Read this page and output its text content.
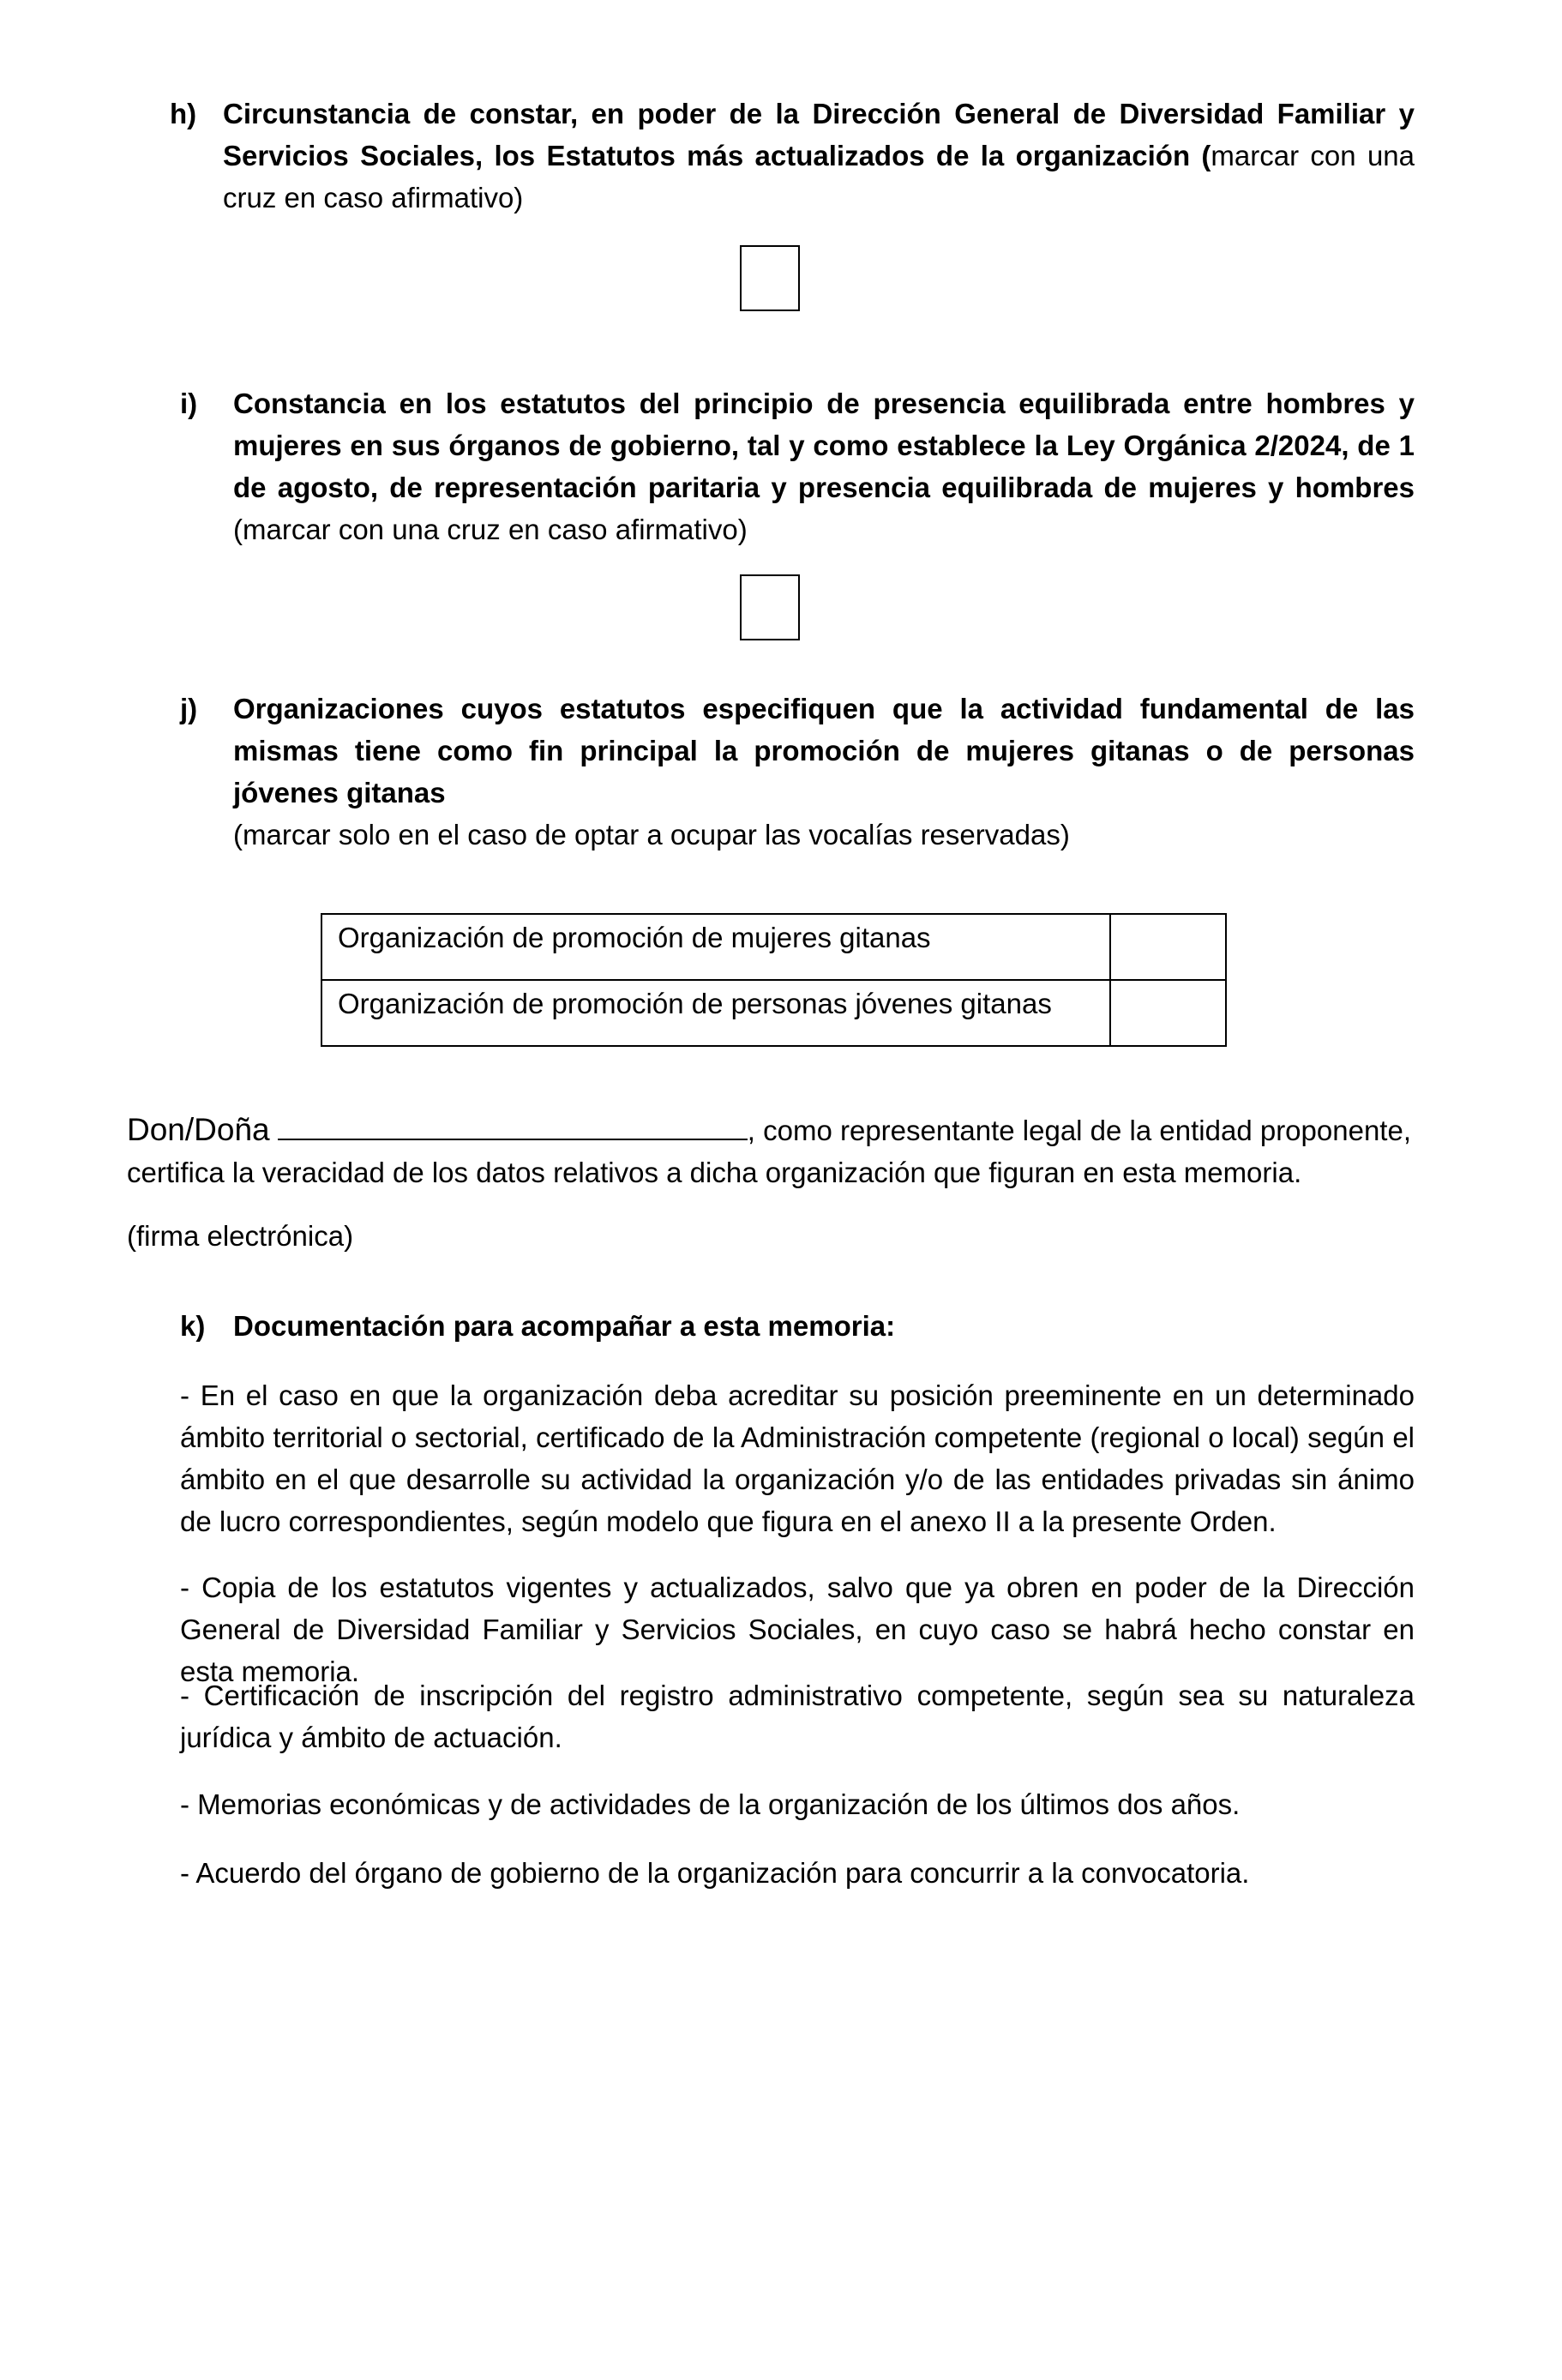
h) Circunstancia de constar, en poder de la Dirección General de Diversidad Familiar y Servicios Sociales, los Estatutos más actualizados de la organización (marcar con una cruz en caso afirmativo)
i)	Constancia en los estatutos del principio de presencia equilibrada entre hombres y mujeres en sus órganos de gobierno, tal y como establece la Ley Orgánica 2/2024, de 1 de agosto, de representación paritaria y presencia equilibrada de mujeres y hombres (marcar con una cruz en caso afirmativo)
j)	Organizaciones cuyos estatutos especifiquen que la actividad fundamental de las mismas tiene como fin principal la promoción de mujeres gitanas o de personas jóvenes gitanas
(marcar solo en el caso de optar a ocupar las vocalías reservadas)
Organización de promoción de mujeres gitanas	
Organización de promoción de personas jóvenes gitanas	
Don/Doña	, como representante legal de la entidad proponente,
certifica la veracidad de los datos relativos a dicha organización que figuran en esta memoria.
(firma electrónica)
k) Documentación para acompañar a esta memoria:
- En el caso en que la organización deba acreditar su posición preeminente en un determinado ámbito territorial o sectorial, certificado de la Administración competente (regional o local) según el ámbito en el que desarrolle su actividad la organización y/o de las entidades privadas sin ánimo de lucro correspondientes, según modelo que figura en el anexo II a la presente Orden.
- Copia de los estatutos vigentes y actualizados, salvo que ya obren en poder de la Dirección General de Diversidad Familiar y Servicios Sociales, en cuyo caso se habrá hecho constar en esta memoria.
- Certificación de inscripción del registro administrativo competente, según sea su naturaleza jurídica y ámbito de actuación.
- Memorias económicas y de actividades de la organización de los últimos dos años.
- Acuerdo del órgano de gobierno de la organización para concurrir a la convocatoria.
